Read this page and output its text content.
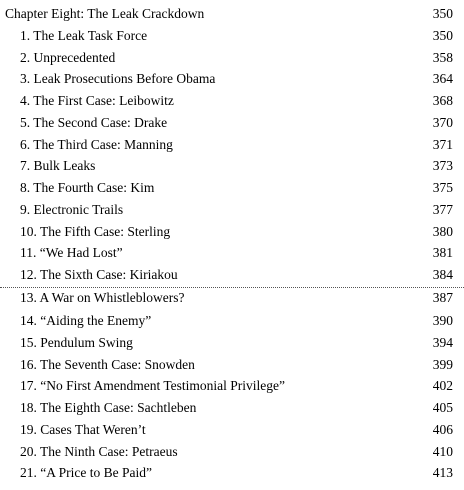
Chapter Eight: The Leak Crackdown	350
1. The Leak Task Force	350
2. Unprecedented	358
3. Leak Prosecutions Before Obama	364
4. The First Case: Leibowitz	368
5. The Second Case: Drake	370
6. The Third Case: Manning	371
7. Bulk Leaks	373
8. The Fourth Case: Kim	375
9. Electronic Trails	377
10. The Fifth Case: Sterling	380
11. “We Had Lost”	381
12. The Sixth Case: Kiriakou	384
13. A War on Whistleblowers?	387
14. “Aiding the Enemy”	390
15. Pendulum Swing	394
16. The Seventh Case: Snowden	399
17. “No First Amendment Testimonial Privilege”	402
18. The Eighth Case: Sachtleben	405
19. Cases That Weren’t	406
20. The Ninth Case: Petraeus	410
21. “A Price to Be Paid”	413
